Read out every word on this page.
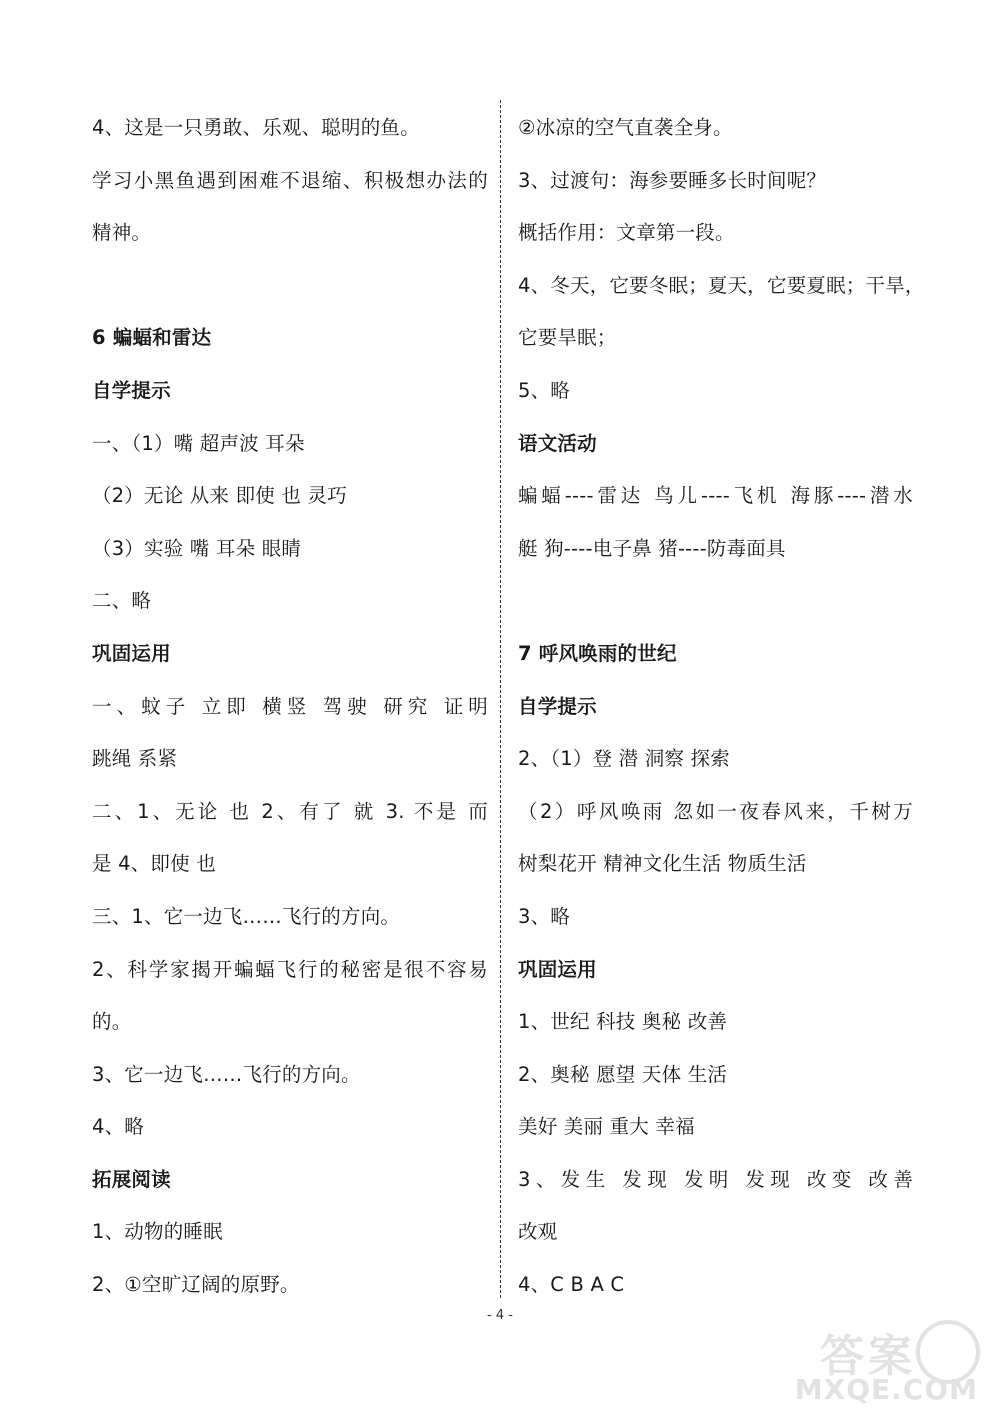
4、这是一只勇敢、乐观、聪明的鱼。
学习小黑鱼遇到困难不退缩、积极想办法的
精神。
6 蝙蝠和雷达
自学提示
一、（1）嘴 超声波 耳朵
（2）无论 从来 即使 也 灵巧
（3）实验 嘴 耳朵 眼睛
二、略
巩固运用
一、蚊子 立即 横竖 驾驶 研究 证明
跳绳 系紧
二、1、无论 也 2、有了 就 3. 不是 而
是 4、即使 也
三、1、它一边飞……飞行的方向。
2、科学家揭开蝙蝠飞行的秘密是很不容易
的。
3、它一边飞……飞行的方向。
4、略
拓展阅读
1、动物的睡眠
2、①空旷辽阔的原野。
②冰凉的空气直袭全身。
3、过渡句：海参要睡多长时间呢？
概括作用：文章第一段。
4、冬天，它要冬眠；夏天，它要夏眠；干旱，
它要旱眠；
5、略
语文活动
蝙蝠----雷达 鸟儿----飞机 海豚----潜水
艇 狗----电子鼻 猪----防毒面具
7 呼风唤雨的世纪
自学提示
2、（1）登 潜 洞察 探索
（2）呼风唤雨 忽如一夜春风来，千树万
树梨花开 精神文化生活 物质生活
3、略
巩固运用
1、世纪 科技 奥秘 改善
2、奥秘 愿望 天体 生活
美好 美丽 重大 幸福
3、发生 发现 发明 发现 改变 改善
改观
4、C B A C
- 4 -
答案
MXQE.COM
